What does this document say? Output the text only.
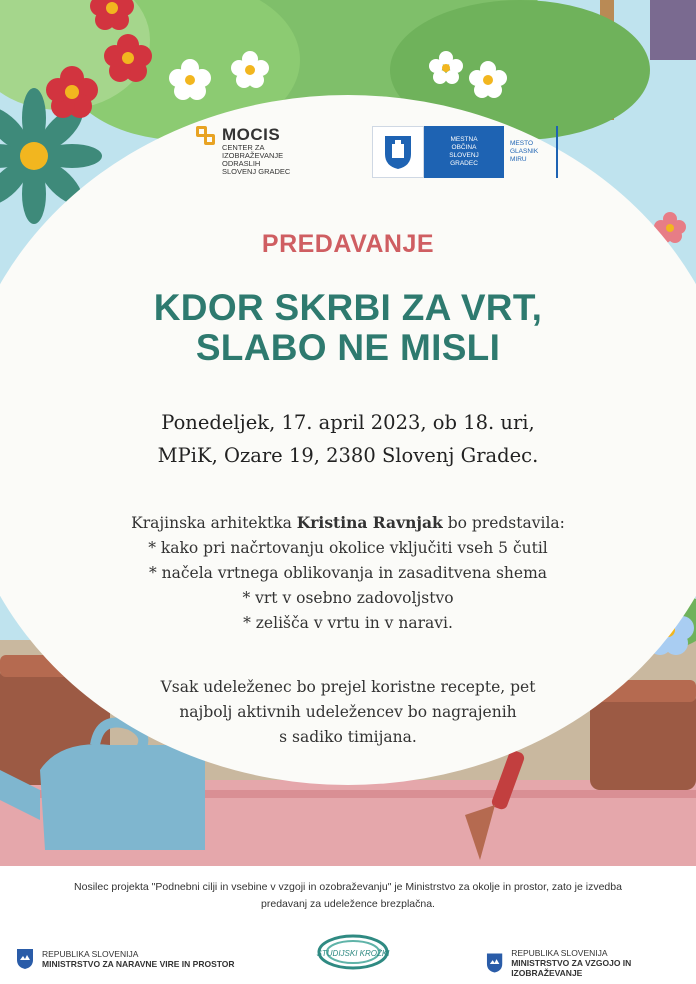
MOCIS
CENTER ZA
IZOBRAŽEVANJE
ODRASLIH
SLOVENJ GRADEC
MESTNA
OBČINA
SLOVENJ
GRADEC
MESTO
GLASNIK
MIRU
PREDAVANJE
KDOR SKRBI ZA VRT,
SLABO NE MISLI
Ponedeljek, 17. april 2023, ob 18. uri,
MPiK, Ozare 19, 2380 Slovenj Gradec.
Krajinska arhitektka Kristina Ravnjak bo predstavila:
* kako pri načrtovanju okolice vključiti vseh 5 čutil
* načela vrtnega oblikovanja in zasaditvena shema
* vrt v osebno zadovoljstvo
* zelišča v vrtu in v naravi.
Vsak udeleženec bo prejel koristne recepte, pet
najbolj aktivnih udeležencev bo nagrajenih
s sadiko timijana.
Nosilec projekta "Podnebni cilji in vsebine v vzgoji in ozobraževanju" je Ministrstvo za okolje in prostor, zato je izvedba
predavanj za udeležence brezplačna.
REPUBLIKA SLOVENIJA
MINISTRSTVO ZA NARAVNE VIRE IN PROSTOR
ŠTUDIJSKI KROŽKI	REPUBLIKA SLOVENIJA
MINISTRSTVO ZA VZGOJO IN IZOBRAŽEVANJE
